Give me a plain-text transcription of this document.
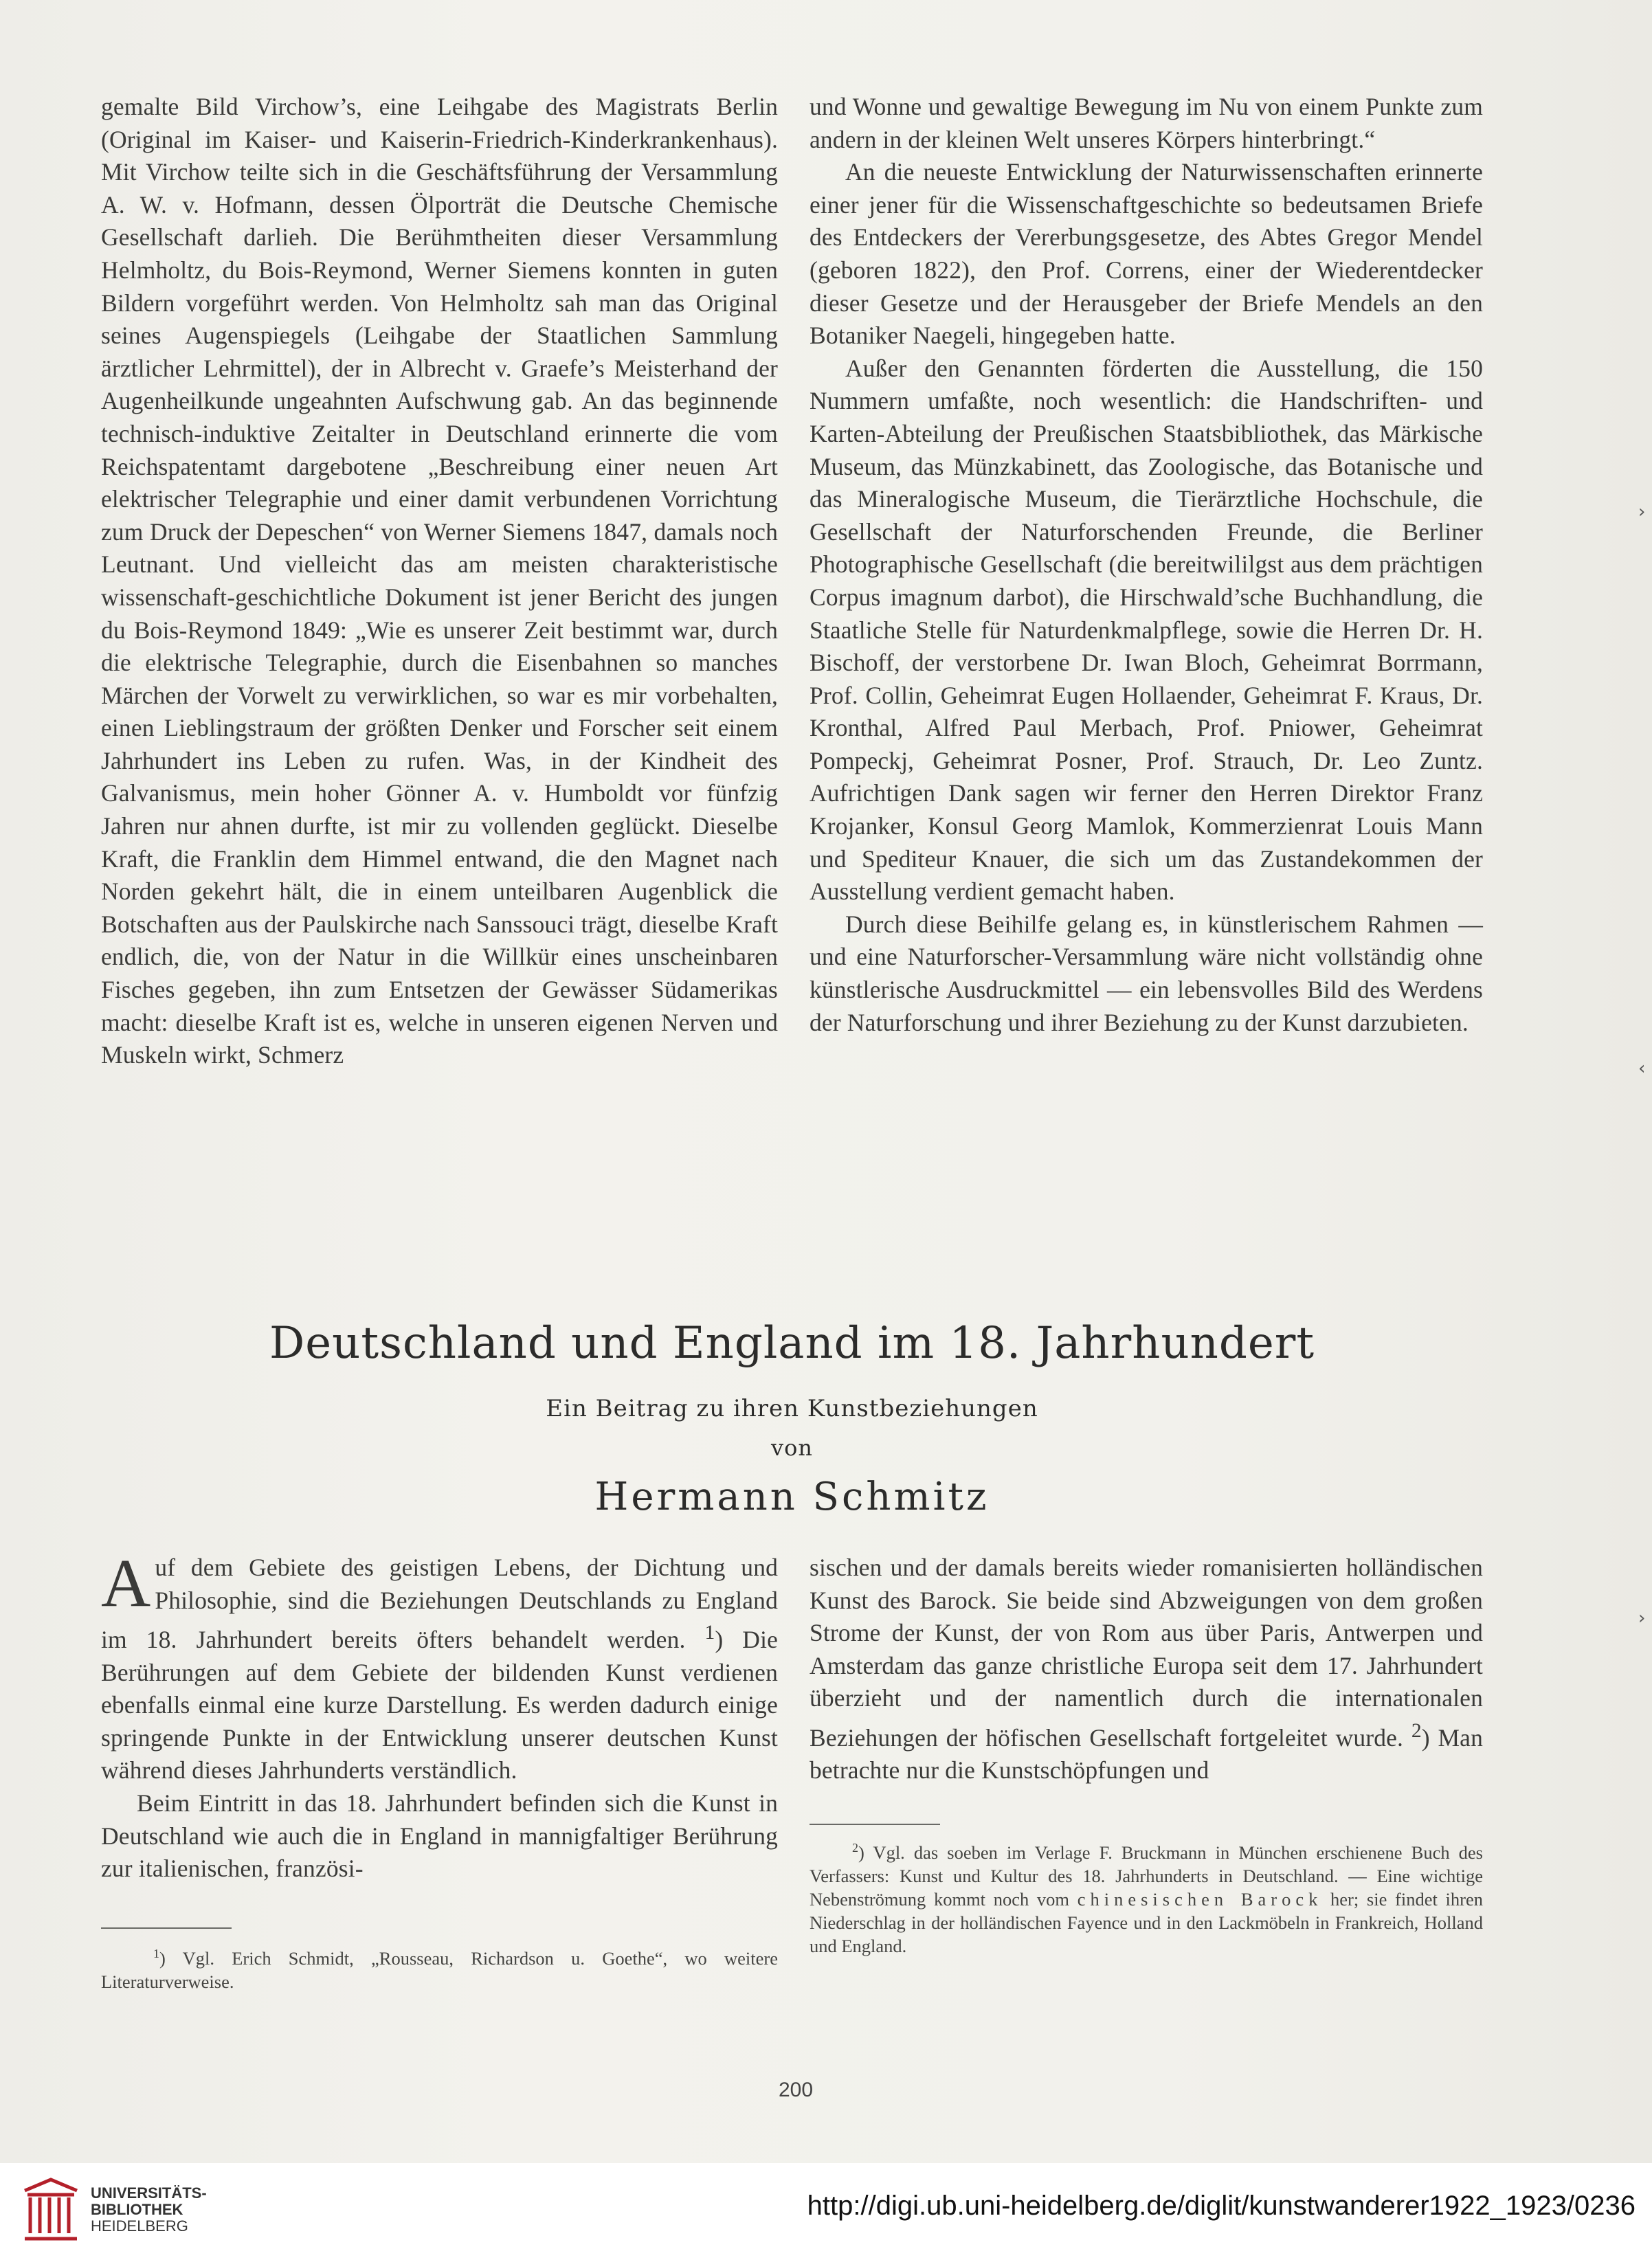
gemalte Bild Virchow’s, eine Leihgabe des Magistrats Berlin (Original im Kaiser- und Kaiserin-Friedrich-Kinderkrankenhaus). Mit Virchow teilte sich in die Geschäftsführung der Versammlung A. W. v. Hofmann, dessen Ölporträt die Deutsche Chemische Gesellschaft darlieh. Die Berühmtheiten dieser Versammlung Helmholtz, du Bois-Reymond, Werner Siemens konnten in guten Bildern vorgeführt werden. Von Helmholtz sah man das Original seines Augenspiegels (Leihgabe der Staatlichen Sammlung ärztlicher Lehrmittel), der in Albrecht v. Graefe’s Meisterhand der Augenheilkunde ungeahnten Aufschwung gab. An das beginnende technisch-induktive Zeitalter in Deutschland erinnerte die vom Reichspatentamt dargebotene „Beschreibung einer neuen Art elektrischer Telegraphie und einer damit verbundenen Vorrichtung zum Druck der Depeschen“ von Werner Siemens 1847, damals noch Leutnant. Und vielleicht das am meisten charakteristische wissenschaft-geschichtliche Dokument ist jener Bericht des jungen du Bois-Reymond 1849: „Wie es unserer Zeit bestimmt war, durch die elektrische Telegraphie, durch die Eisenbahnen so manches Märchen der Vorwelt zu verwirklichen, so war es mir vorbehalten, einen Lieblingstraum der größten Denker und Forscher seit einem Jahrhundert ins Leben zu rufen. Was, in der Kindheit des Galvanismus, mein hoher Gönner A. v. Humboldt vor fünfzig Jahren nur ahnen durfte, ist mir zu vollenden geglückt. Dieselbe Kraft, die Franklin dem Himmel entwand, die den Magnet nach Norden gekehrt hält, die in einem unteilbaren Augenblick die Botschaften aus der Paulskirche nach Sanssouci trägt, dieselbe Kraft endlich, die, von der Natur in die Willkür eines unscheinbaren Fisches gegeben, ihn zum Entsetzen der Gewässer Südamerikas macht: dieselbe Kraft ist es, welche in unseren eigenen Nerven und Muskeln wirkt, Schmerz

und Wonne und gewaltige Bewegung im Nu von einem Punkte zum andern in der kleinen Welt unseres Körpers hinterbringt.“

An die neueste Entwicklung der Naturwissenschaften erinnerte einer jener für die Wissenschaftgeschichte so bedeutsamen Briefe des Entdeckers der Vererbungsgesetze, des Abtes Gregor Mendel (geboren 1822), den Prof. Correns, einer der Wiederentdecker dieser Gesetze und der Herausgeber der Briefe Mendels an den Botaniker Naegeli, hingegeben hatte.

Außer den Genannten förderten die Ausstellung, die 150 Nummern umfaßte, noch wesentlich: die Handschriften- und Karten-Abteilung der Preußischen Staatsbibliothek, das Märkische Museum, das Münzkabinett, das Zoologische, das Botanische und das Mineralogische Museum, die Tierärztliche Hochschule, die Gesellschaft der Naturforschenden Freunde, die Berliner Photographische Gesellschaft (die bereitwililgst aus dem prächtigen Corpus imagnum darbot), die Hirschwald’sche Buchhandlung, die Staatliche Stelle für Naturdenkmalpflege, sowie die Herren Dr. H. Bischoff, der verstorbene Dr. Iwan Bloch, Geheimrat Borrmann, Prof. Collin, Geheimrat Eugen Hollaender, Geheimrat F. Kraus, Dr. Kronthal, Alfred Paul Merbach, Prof. Pniower, Geheimrat Pompeckj, Geheimrat Posner, Prof. Strauch, Dr. Leo Zuntz. Aufrichtigen Dank sagen wir ferner den Herren Direktor Franz Krojanker, Konsul Georg Mamlok, Kommerzienrat Louis Mann und Spediteur Knauer, die sich um das Zustandekommen der Ausstellung verdient gemacht haben.

Durch diese Beihilfe gelang es, in künstlerischem Rahmen — und eine Naturforscher-Versammlung wäre nicht vollständig ohne künstlerische Ausdruckmittel — ein lebensvolles Bild des Werdens der Naturforschung und ihrer Beziehung zu der Kunst darzubieten.

Deutschland und England im 18. Jahrhundert
Ein Beitrag zu ihren Kunstbeziehungen
von
Hermann Schmitz

Auf dem Gebiete des geistigen Lebens, der Dichtung und Philosophie, sind die Beziehungen Deutschlands zu England im 18. Jahrhundert bereits öfters behandelt werden. $^1$) Die Berührungen auf dem Gebiete der bildenden Kunst verdienen ebenfalls einmal eine kurze Darstellung. Es werden dadurch einige springende Punkte in der Entwicklung unserer deutschen Kunst während dieses Jahrhunderts verständlich.

Beim Eintritt in das 18. Jahrhundert befinden sich die Kunst in Deutschland wie auch die in England in mannigfaltiger Berührung zur italienischen, französi-

sischen und der damals bereits wieder romanisierten holländischen Kunst des Barock. Sie beide sind Abzweigungen von dem großen Strome der Kunst, der von Rom aus über Paris, Antwerpen und Amsterdam das ganze christliche Europa seit dem 17. Jahrhundert überzieht und der namentlich durch die internationalen Beziehungen der höfischen Gesellschaft fortgeleitet wurde. $^2$) Man betrachte nur die Kunstschöpfungen und

$^2$) Vgl. das soeben im Verlage F. Bruckmann in München erschienene Buch des Verfassers: Kunst und Kultur des 18. Jahrhunderts in Deutschland. — Eine wichtige Nebenströmung kommt noch vom chinesischen Barock her; sie findet ihren Niederschlag in der holländischen Fayence und in den Lackmöbeln in Frankreich, Holland und England.

$^1$) Vgl. Erich Schmidt, „Rousseau, Richardson u. Goethe“, wo weitere Literaturverweise.

200
›
‹
›
UNIVERSITÄTS-
BIBLIOTHEK
HEIDELBERG
http://digi.ub.uni-heidelberg.de/diglit/kunstwanderer1922_1923/0236
